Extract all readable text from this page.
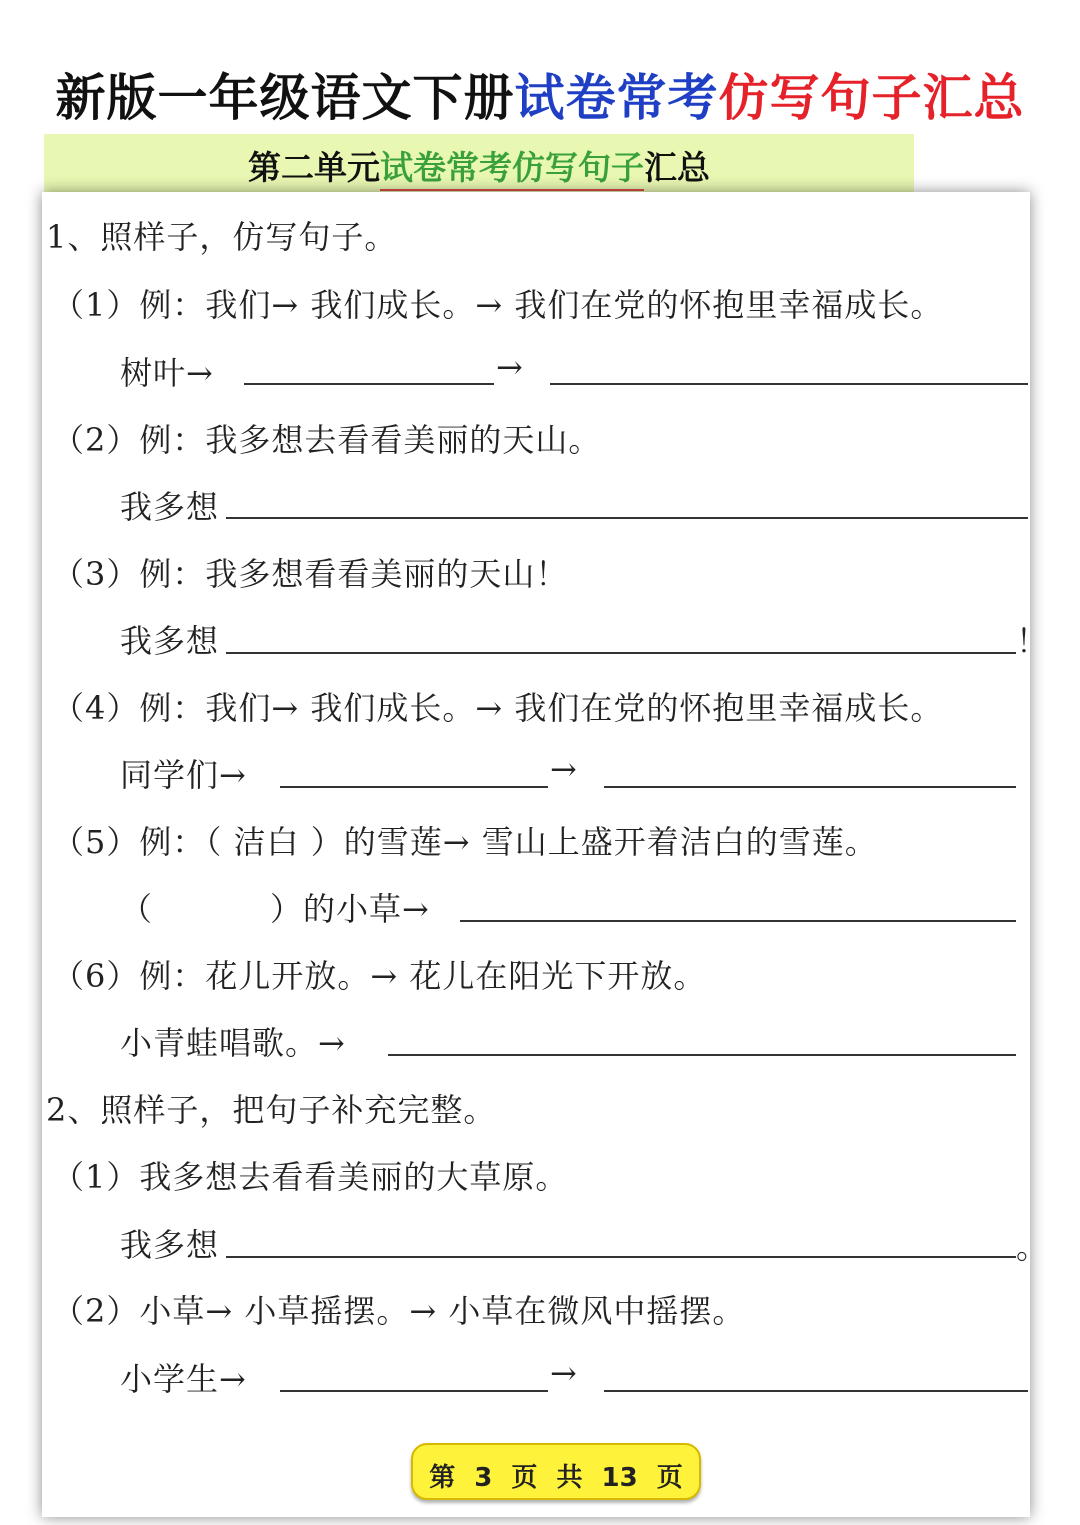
新版一年级语文下册试卷常考仿写句子汇总
第二单元试卷常考仿写句子汇总
1、照样子，仿写句子。
（1）例：我们→ 我们成长。→ 我们在党的怀抱里幸福成长。
树叶→	→
（2）例：我多想去看看美丽的天山。
我多想
（3）例：我多想看看美丽的天山！
我多想	！
（4）例：我们→ 我们成长。→ 我们在党的怀抱里幸福成长。
同学们→	→
（5）例：（ 洁白 ）的雪莲→ 雪山上盛开着洁白的雪莲。
（	）的小草→
（6）例：花儿开放。→ 花儿在阳光下开放。
小青蛙唱歌。→
2、照样子，把句子补充完整。
（1）我多想去看看美丽的大草原。
我多想	。
（2）小草→ 小草摇摆。→ 小草在微风中摇摆。
小学生→	→
第 3 页 共 13 页
